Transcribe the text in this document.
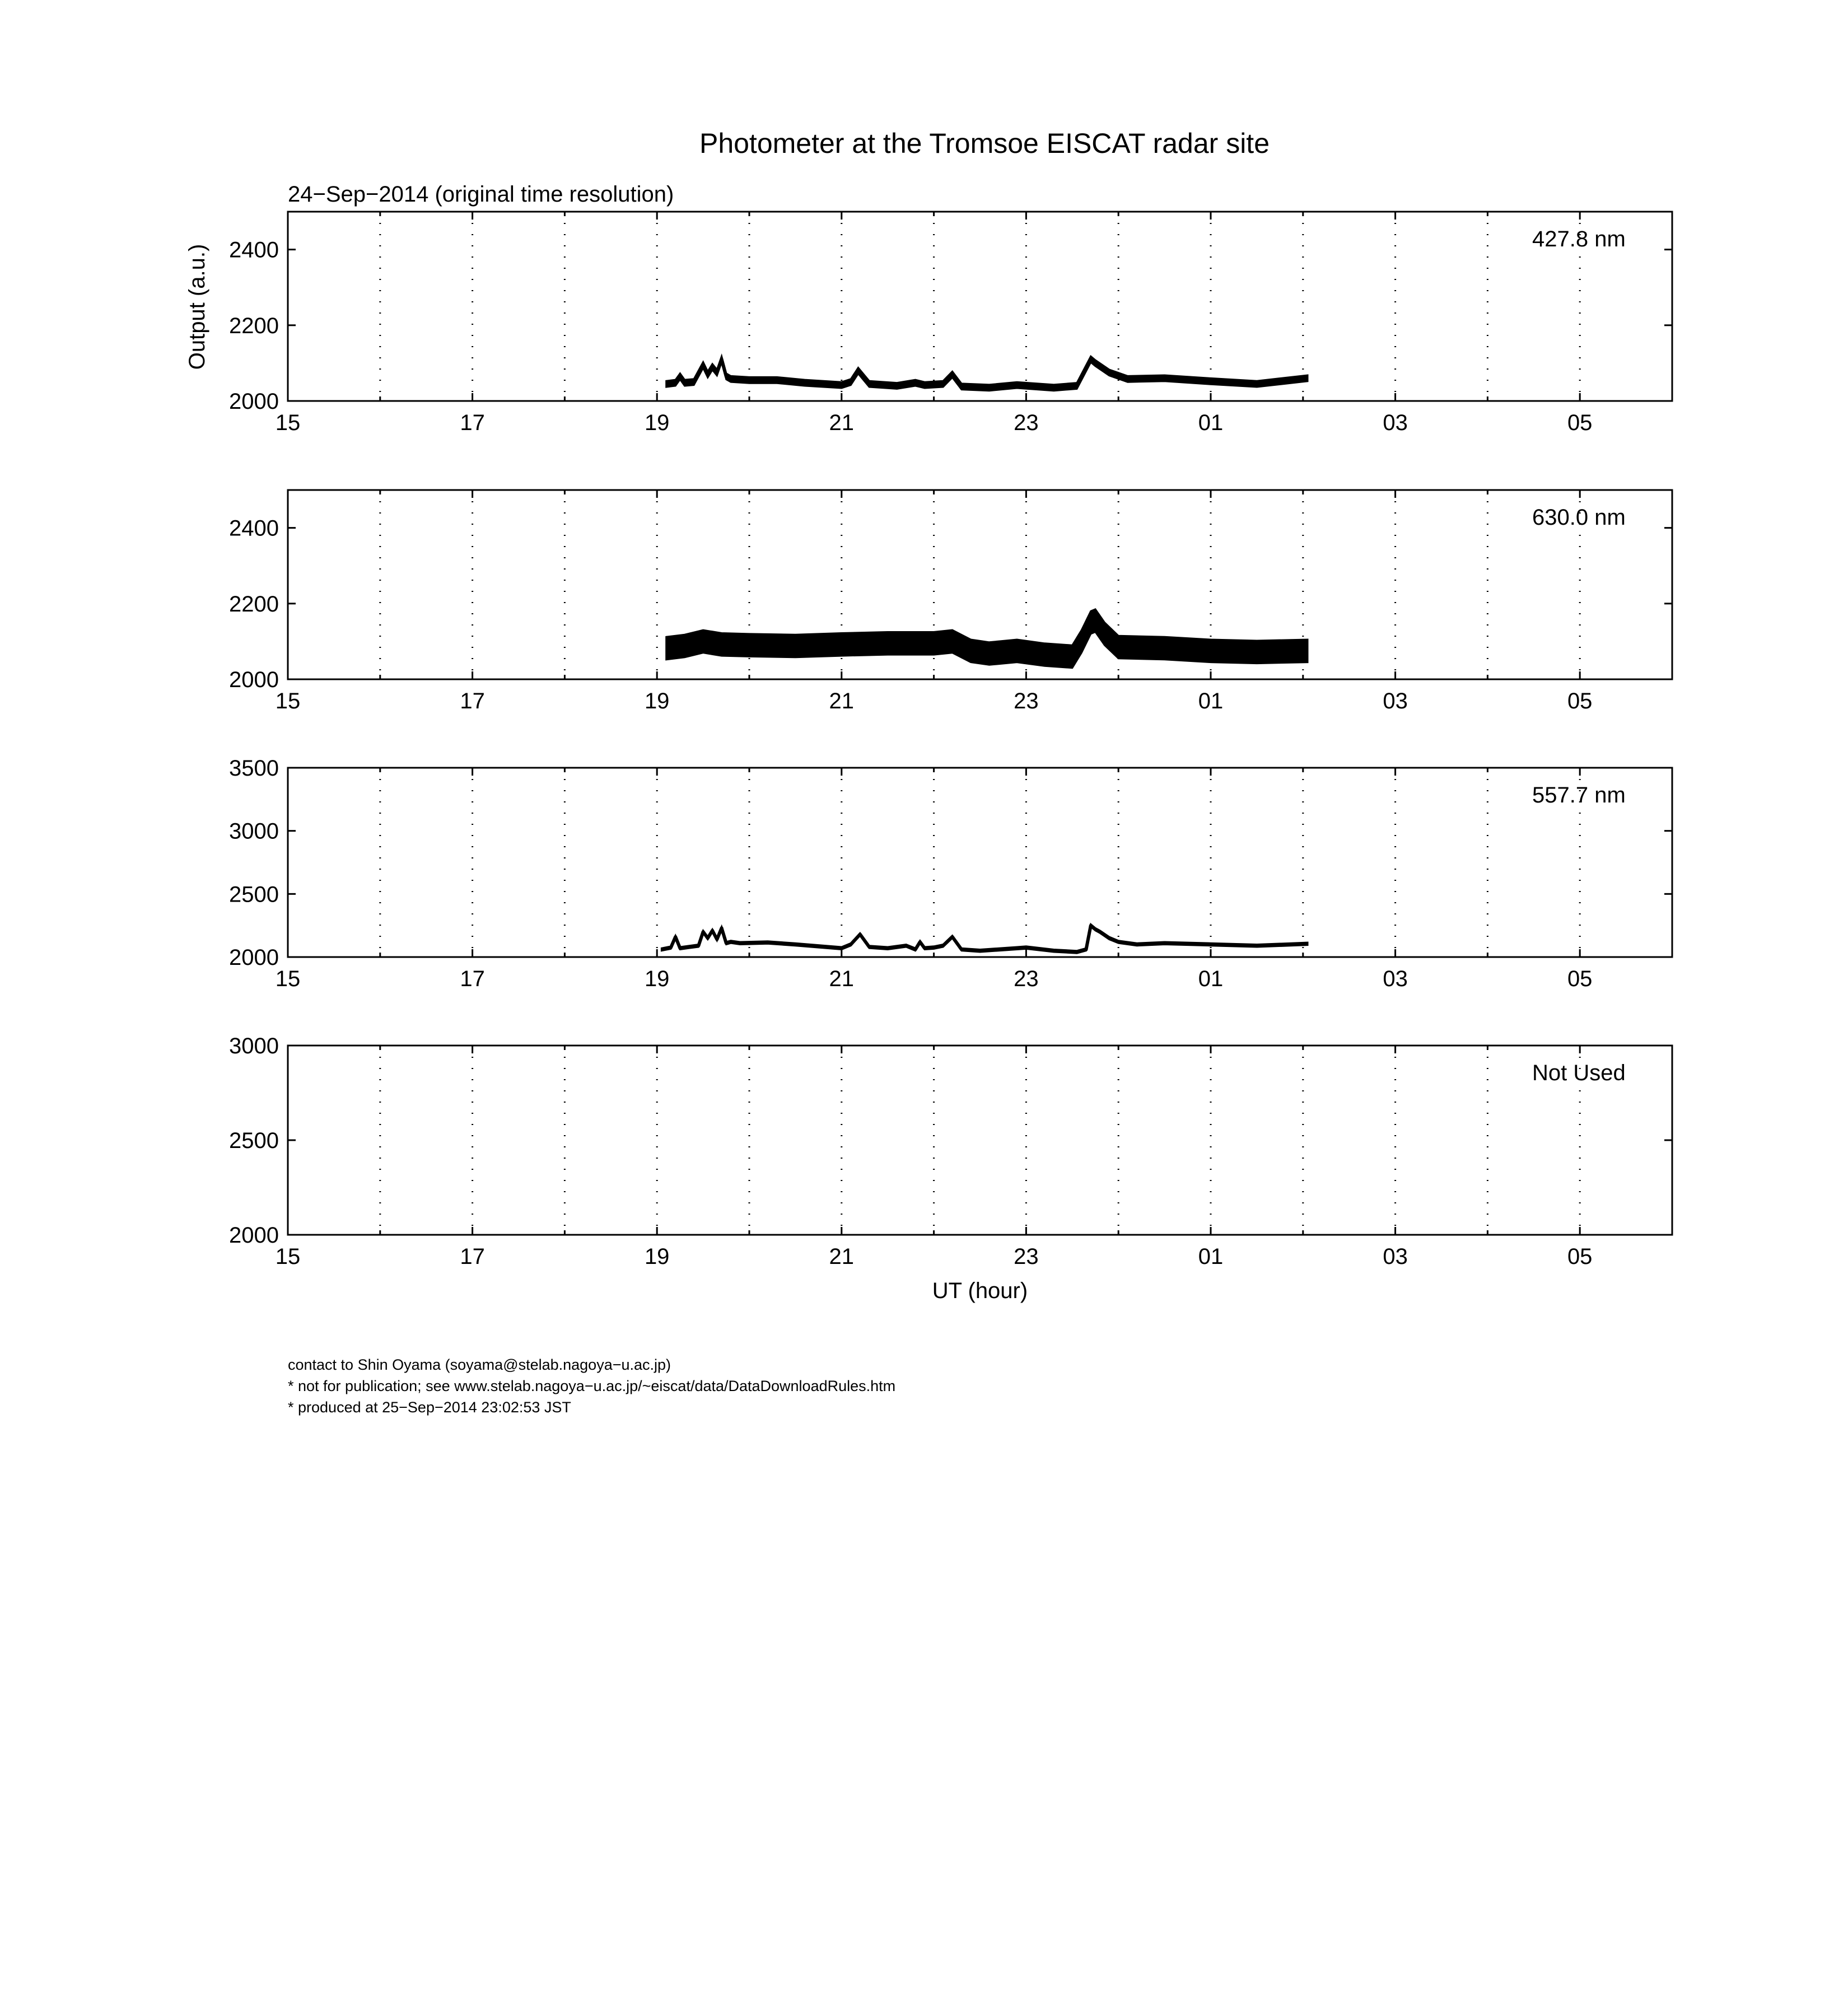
Photometer at the Tromsoe EISCAT radar site
24−Sep−2014 (original time resolution)
Output (a.u.)
UT (hour)
15	17	19	21	23	01	03	05
2000
2200
2400	427.8 nm
15	17	19	21	23	01	03	05
2000
2200
2400	630.0 nm
15	17	19	21	23	01	03	05
2000
2500
3000
3500
557.7 nm
15	17	19	21	23	01	03	05
2000
2500
3000
Not Used
contact to Shin Oyama (soyama@stelab.nagoya−u.ac.jp)
* not for publication; see www.stelab.nagoya−u.ac.jp/~eiscat/data/DataDownloadRules.htm
* produced at 25−Sep−2014 23:02:53 JST
